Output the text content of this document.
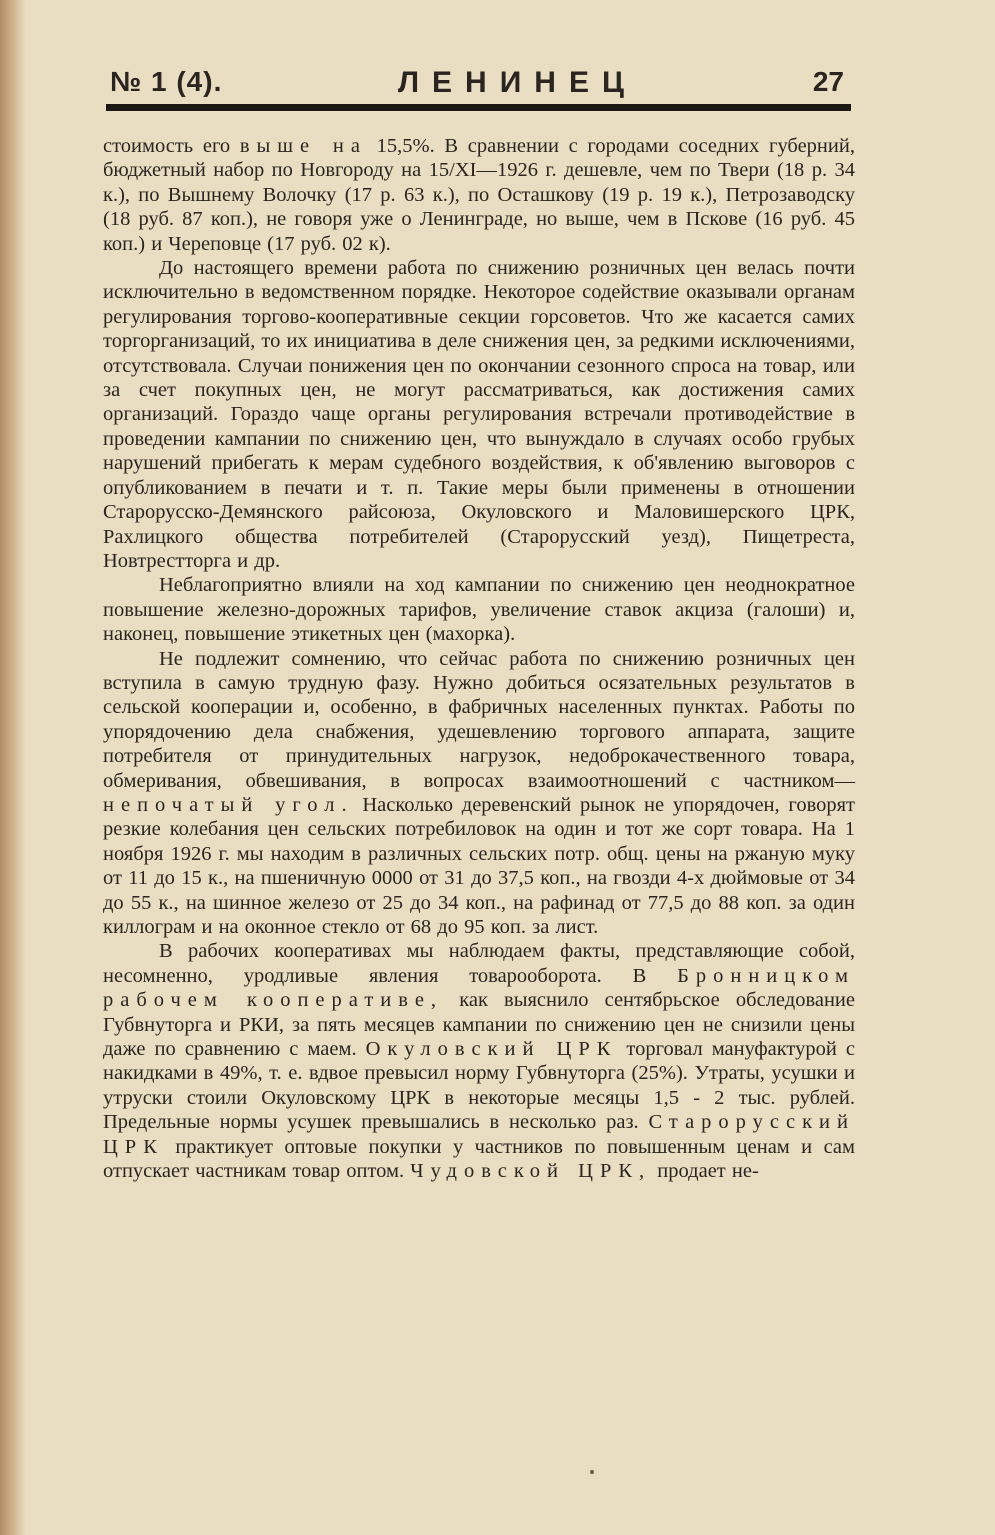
№ 1 (4).	ЛЕНИНЕЦ	27

стоимость его выше на 15,5%. В сравнении с городами соседних губерний, бюджетный набор по Новгороду на 15/XI—1926 г. дешевле, чем по Твери (18 р. 34 к.), по Вышнему Волочку (17 р. 63 к.), по Осташкову (19 р. 19 к.), Петрозаводску (18 руб. 87 коп.), не говоря уже о Ленинграде, но выше, чем в Пскове (16 руб. 45 коп.) и Череповце (17 руб. 02 к).

До настоящего времени работа по снижению розничных цен велась почти исключительно в ведомственном порядке. Некоторое содействие оказывали органам регулирования торгово-кооперативные секции горсоветов. Что же касается самих торгорганизаций, то их инициатива в деле снижения цен, за редкими исключениями, отсутствовала. Случаи понижения цен по окончании сезонного спроса на товар, или за счет покупных цен, не могут рассматриваться, как достижения самих организаций. Гораздо чаще органы регулирования встречали противодействие в проведении кампании по снижению цен, что вынуждало в случаях особо грубых нарушений прибегать к мерам судебного воздействия, к об'явлению выговоров с опубликованием в печати и т. п. Такие меры были применены в отношении Старорусско-Демянского райсоюза, Окуловского и Маловишерского ЦРК, Рахлицкого общества потребителей (Старорусский уезд), Пищетреста, Новтрестторга и др.

Неблагоприятно влияли на ход кампании по снижению цен неоднократное повышение железно-дорожных тарифов, увеличение ставок акциза (галоши) и, наконец, повышение этикетных цен (махорка).

Не подлежит сомнению, что сейчас работа по снижению розничных цен вступила в самую трудную фазу. Нужно добиться осязательных результатов в сельской кооперации и, особенно, в фабричных населенных пунктах. Работы по упорядочению дела снабжения, удешевлению торгового аппарата, защите потребителя от принудительных нагрузок, недоброкачественного товара, обмеривания, обвешивания, в вопросах взаимоотношений с частником— непочатый угол. Насколько деревенский рынок не упорядочен, говорят резкие колебания цен сельских потребиловок на один и тот же сорт товара. На 1 ноября 1926 г. мы находим в различных сельских потр. общ. цены на ржаную муку от 11 до 15 к., на пшеничную 0000 от 31 до 37,5 коп., на гвозди 4-х дюймовые от 34 до 55 к., на шинное железо от 25 до 34 коп., на рафинад от 77,5 до 88 коп. за один киллограм и на оконное стекло от 68 до 95 коп. за лист.

В рабочих кооперативах мы наблюдаем факты, представляющие собой, несомненно, уродливые явления товарооборота. В Бронницком рабочем кооперативе, как выяснило сентябрьское обследование Губвнуторга и РКИ, за пять месяцев кампании по снижению цен не снизили цены даже по сравнению с маем. Окуловский ЦРК торговал мануфактурой с накидками в 49%, т. е. вдвое превысил норму Губвнуторга (25%). Утраты, усушки и утруски стоили Окуловскому ЦРК в некоторые месяцы 1,5 - 2 тыс. рублей. Предельные нормы усушек превышались в несколько раз. Старорусский ЦРК практикует оптовые покупки у частников по повышенным ценам и сам отпускает частникам товар оптом. Чудовской ЦРК, продает не-
